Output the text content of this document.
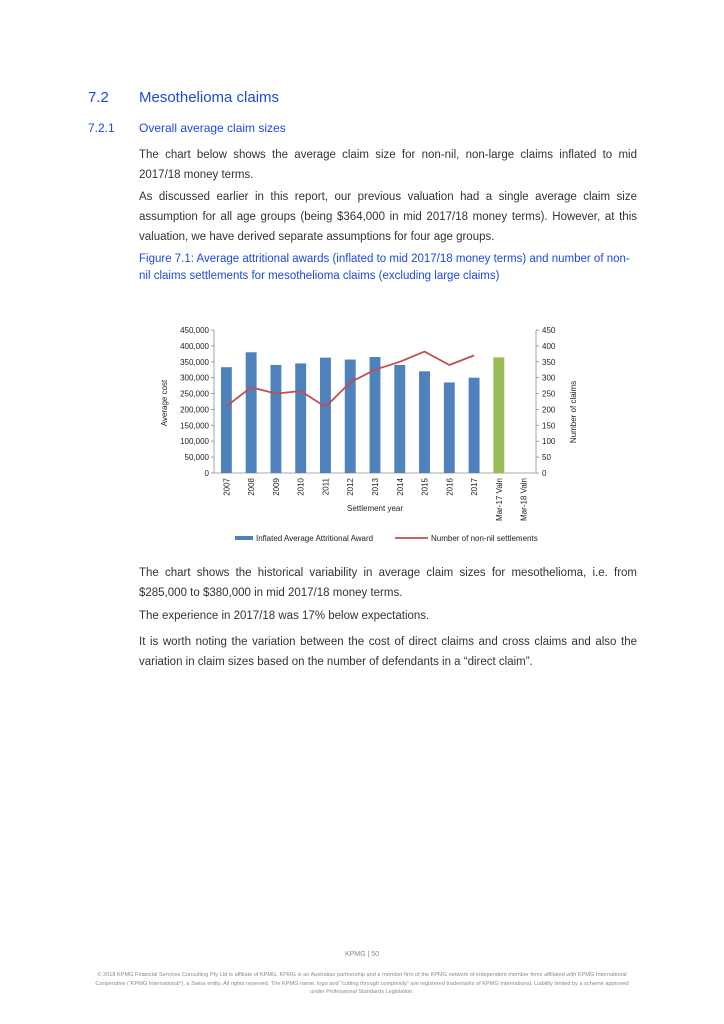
7.2	Mesothelioma claims
7.2.1	Overall average claim sizes

The chart below shows the average claim size for non-nil, non-large claims inflated to mid 2017/18 money terms.

As discussed earlier in this report, our previous valuation had a single average claim size assumption for all age groups (being $364,000 in mid 2017/18 money terms). However, at this valuation, we have derived separate assumptions for four age groups.

Figure 7.1: Average attritional awards (inflated to mid 2017/18 money terms) and number of non-nil claims settlements for mesothelioma claims (excluding large claims)

0
50,000
100,000
150,000
200,000
250,000
300,000
350,000
400,000
450,000
0
50
100
150
200
250
300
350
400
450
2007 2008 2009 2010 2011 2012 2013 2014 2015 2016 2017 Mar-17 Valn Mar-18 Valn
Settlement year
Average cost	Number of claims
Inflated Average Attritional Award	Number of non-nil settlements

The chart shows the historical variability in average claim sizes for mesothelioma, i.e. from $285,000 to $380,000 in mid 2017/18 money terms.

The experience in 2017/18 was 17% below expectations.

It is worth noting the variation between the cost of direct claims and cross claims and also the variation in claim sizes based on the number of defendants in a “direct claim”.

KPMG | 50

© 2018 KPMG Financial Services Consulting Pty Ltd is affiliate of KPMG. KPMG is an Australian partnership and a member firm of the KPMG network of independent member firms affiliated with KPMG International Cooperative (“KPMG International”), a Swiss entity. All rights reserved. The KPMG name, logo and “cutting through complexity” are registered trademarks of KPMG International. Liability limited by a scheme approved under Professional Standards Legislation.
